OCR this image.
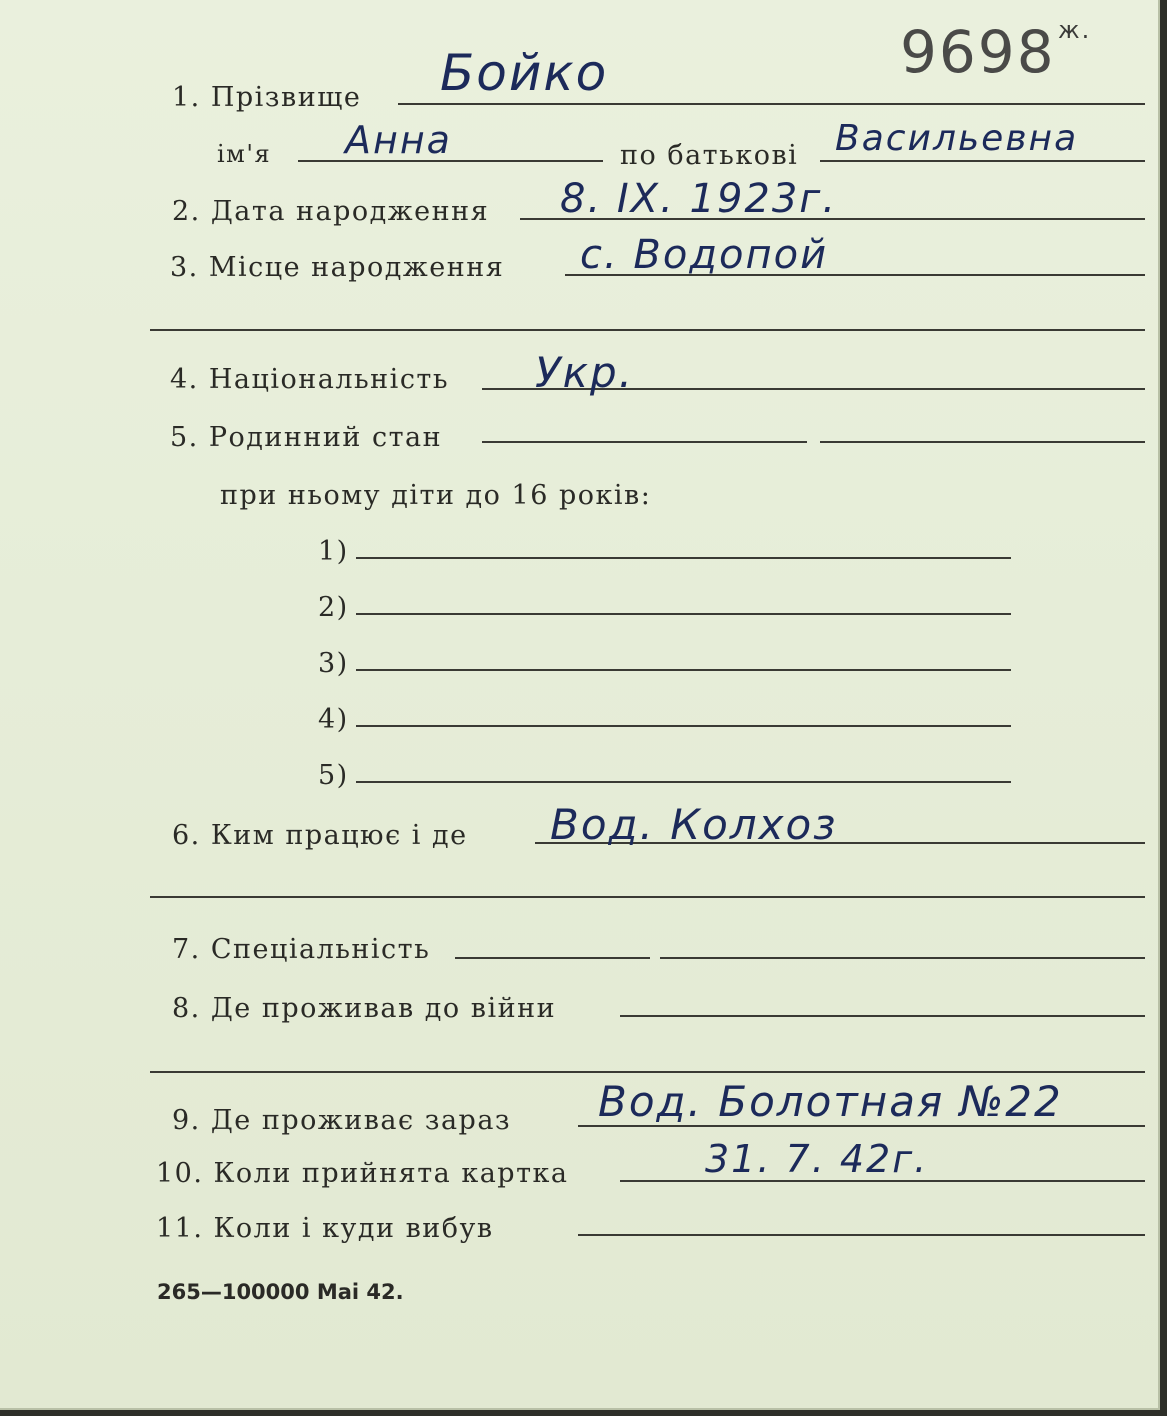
9698 ж.
1. Прізвище Бойко
ім'я Анна	по батькові Васильевна
2. Дата народження 8. IX. 1923г.
3. Місце народження с. Водопой
4. Національність Укр.
5. Родинний стан
при ньому діти до 16 років:
1)
2)
3)
4)
5)
6. Ким працює і де Вод. Колхоз
7. Спеціальність
8. Де проживав до війни
9. Де проживає зараз Вод. Болотная №22
10. Коли прийнята картка	31. 7. 42г.
11. Коли і куди вибув
265—100000 Mai 42.
